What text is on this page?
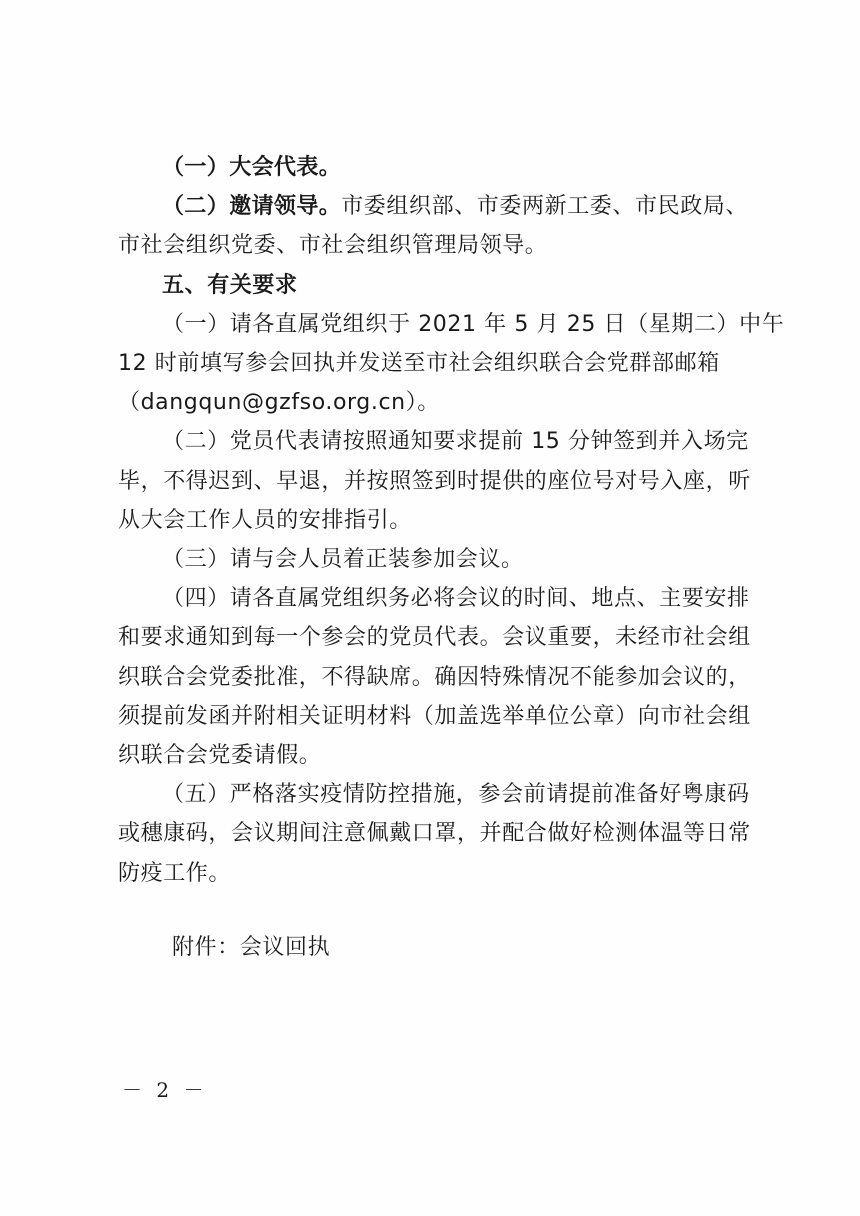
（一）大会代表。
（二）邀请领导。市委组织部、市委两新工委、市民政局、
市社会组织党委、市社会组织管理局领导。
五、有关要求
（一）请各直属党组织于 2021 年 5 月 25 日（星期二）中午
12 时前填写参会回执并发送至市社会组织联合会党群部邮箱
（dangqun@gzfso.org.cn）。
（二）党员代表请按照通知要求提前 15 分钟签到并入场完
毕，不得迟到、早退，并按照签到时提供的座位号对号入座，听
从大会工作人员的安排指引。
（三）请与会人员着正装参加会议。
（四）请各直属党组织务必将会议的时间、地点、主要安排
和要求通知到每一个参会的党员代表。会议重要，未经市社会组
织联合会党委批准，不得缺席。确因特殊情况不能参加会议的，
须提前发函并附相关证明材料（加盖选举单位公章）向市社会组
织联合会党委请假。
（五）严格落实疫情防控措施，参会前请提前准备好粤康码
或穗康码，会议期间注意佩戴口罩，并配合做好检测体温等日常
防疫工作。
附件：会议回执
－ 2 －
